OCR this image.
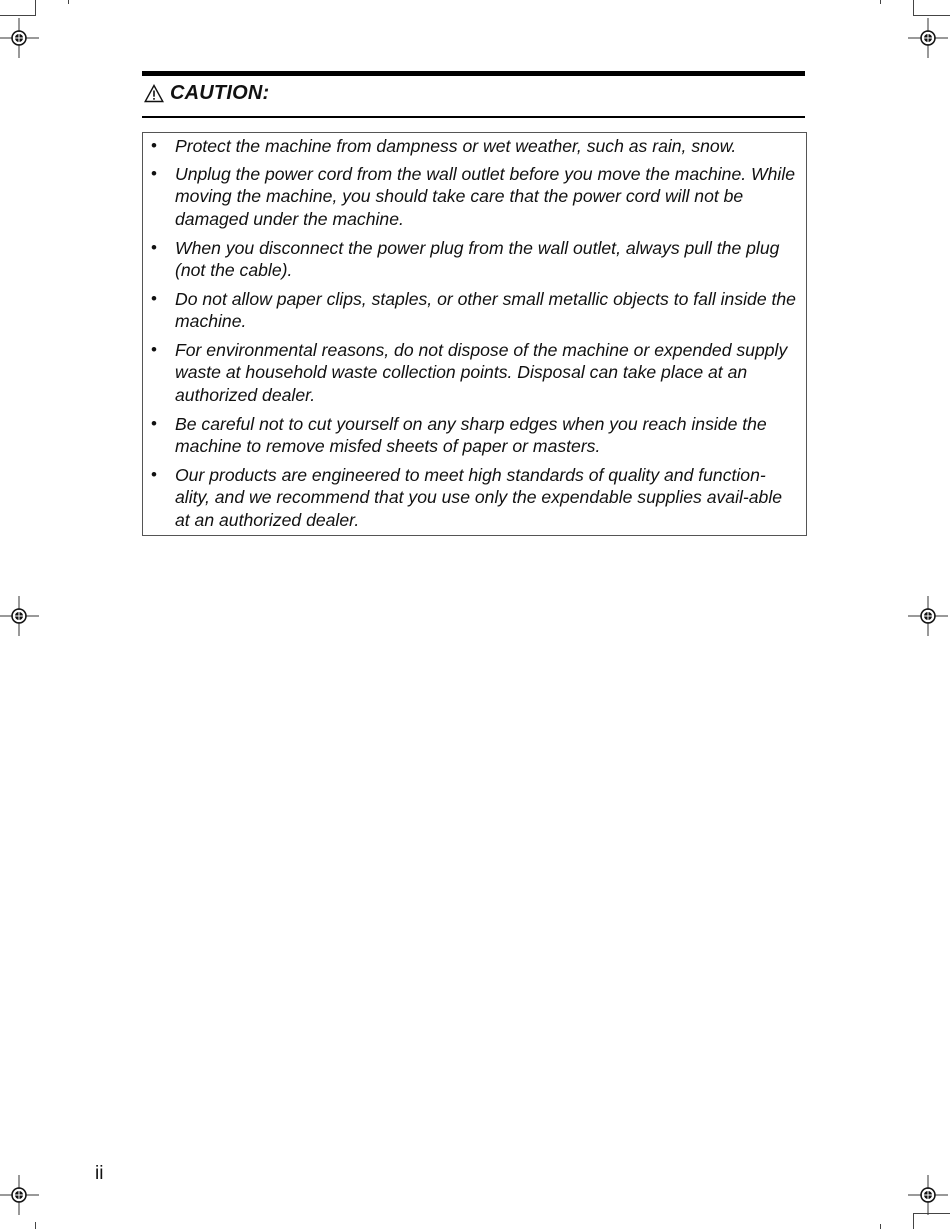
CAUTION:
• Protect the machine from dampness or wet weather, such as rain, snow.
• Unplug the power cord from the wall outlet before you move the machine. While moving the machine, you should take care that the power cord will not be damaged under the machine.
• When you disconnect the power plug from the wall outlet, always pull the plug (not the cable).
• Do not allow paper clips, staples, or other small metallic objects to fall inside the machine.
• For environmental reasons, do not dispose of the machine or expended supply waste at household waste collection points. Disposal can take place at an authorized dealer.
• Be careful not to cut yourself on any sharp edges when you reach inside the machine to remove misfed sheets of paper or masters.
• Our products are engineered to meet high standards of quality and function-ality, and we recommend that you use only the expendable supplies avail-able at an authorized dealer.
ii
